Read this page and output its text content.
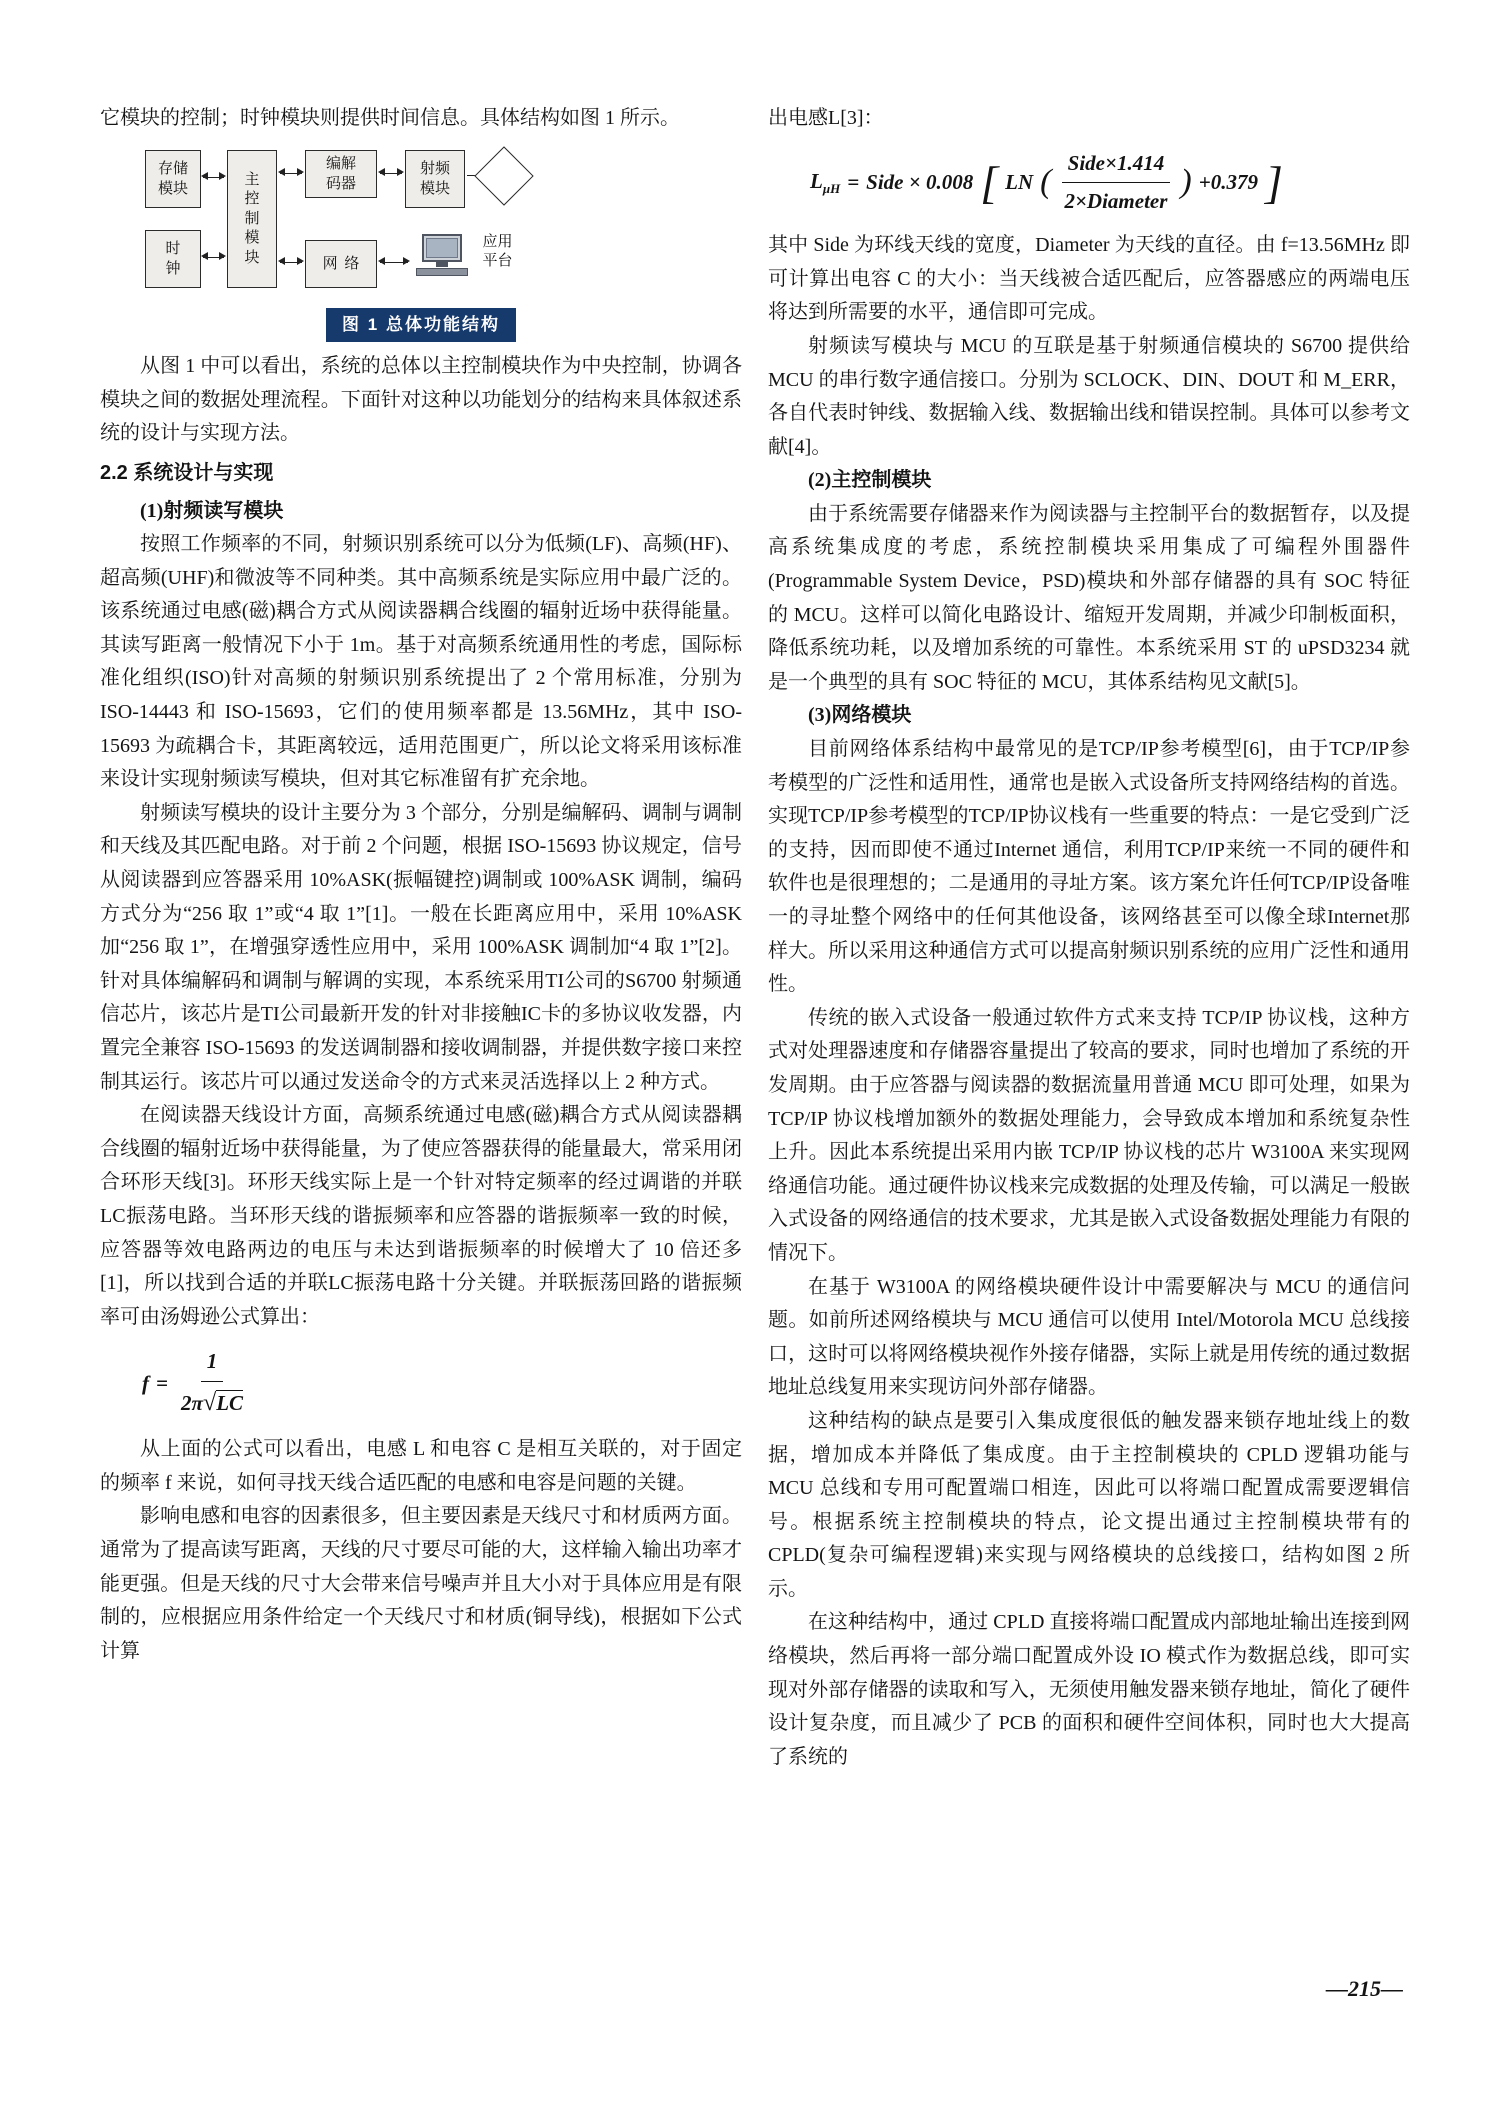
它模块的控制；时钟模块则提供时间信息。具体结构如图 1 所示。

存储模块
时钟
主控制模块
编解码器
网络
射频模块
应用平台
图 1 总体功能结构

从图 1 中可以看出，系统的总体以主控制模块作为中央控制，协调各模块之间的数据处理流程。下面针对这种以功能划分的结构来具体叙述系统的设计与实现方法。

2.2 系统设计与实现

(1)射频读写模块

按照工作频率的不同，射频识别系统可以分为低频(LF)、高频(HF)、超高频(UHF)和微波等不同种类。其中高频系统是实际应用中最广泛的。该系统通过电感(磁)耦合方式从阅读器耦合线圈的辐射近场中获得能量。其读写距离一般情况下小于 1m。基于对高频系统通用性的考虑，国际标准化组织(ISO)针对高频的射频识别系统提出了 2 个常用标准，分别为 ISO-14443 和 ISO-15693，它们的使用频率都是 13.56MHz，其中 ISO-15693 为疏耦合卡，其距离较远，适用范围更广，所以论文将采用该标准来设计实现射频读写模块，但对其它标准留有扩充余地。

射频读写模块的设计主要分为 3 个部分，分别是编解码、调制与调制和天线及其匹配电路。对于前 2 个问题，根据 ISO-15693 协议规定，信号从阅读器到应答器采用 10%ASK(振幅键控)调制或 100%ASK 调制，编码方式分为“256 取 1”或“4 取 1”[1]。一般在长距离应用中，采用 10%ASK 加“256 取 1”，在增强穿透性应用中，采用 100%ASK 调制加“4 取 1”[2]。针对具体编解码和调制与解调的实现，本系统采用TI公司的S6700 射频通信芯片，该芯片是TI公司最新开发的针对非接触IC卡的多协议收发器，内置完全兼容 ISO-15693 的发送调制器和接收调制器，并提供数字接口来控制其运行。该芯片可以通过发送命令的方式来灵活选择以上 2 种方式。

在阅读器天线设计方面，高频系统通过电感(磁)耦合方式从阅读器耦合线圈的辐射近场中获得能量，为了使应答器获得的能量最大，常采用闭合环形天线[3]。环形天线实际上是一个针对特定频率的经过调谐的并联LC振荡电路。当环形天线的谐振频率和应答器的谐振频率一致的时候，应答器等效电路两边的电压与未达到谐振频率的时候增大了 10 倍还多[1]，所以找到合适的并联LC振荡电路十分关键。并联振荡回路的谐振频率可由汤姆逊公式算出：

$f = \frac{1}{2\pi√LC}$

从上面的公式可以看出，电感 L 和电容 C 是相互关联的，对于固定的频率 f 来说，如何寻找天线合适匹配的电感和电容是问题的关键。

影响电感和电容的因素很多，但主要因素是天线尺寸和材质两方面。通常为了提高读写距离，天线的尺寸要尽可能的大，这样输入输出功率才能更强。但是天线的尺寸大会带来信号噪声并且大小对于具体应用是有限制的，应根据应用条件给定一个天线尺寸和材质(铜导线)，根据如下公式计算

出电感L[3]：

$L_{\mu H}$ = Side × 0.008 [ LN ( $\frac{\text{Side×1.414}}{\text{2×Diameter}}$ ) +0.379 ]

其中 Side 为环线天线的宽度，Diameter 为天线的直径。由 f=13.56MHz 即可计算出电容 C 的大小：当天线被合适匹配后，应答器感应的两端电压将达到所需要的水平，通信即可完成。

射频读写模块与 MCU 的互联是基于射频通信模块的 S6700 提供给 MCU 的串行数字通信接口。分别为 SCLOCK、DIN、DOUT 和 M_ERR，各自代表时钟线、数据输入线、数据输出线和错误控制。具体可以参考文献[4]。

(2)主控制模块

由于系统需要存储器来作为阅读器与主控制平台的数据暂存，以及提高系统集成度的考虑，系统控制模块采用集成了可编程外围器件(Programmable System Device，PSD)模块和外部存储器的具有 SOC 特征的 MCU。这样可以简化电路设计、缩短开发周期，并减少印制板面积，降低系统功耗，以及增加系统的可靠性。本系统采用 ST 的 uPSD3234 就是一个典型的具有 SOC 特征的 MCU，其体系结构见文献[5]。

(3)网络模块

目前网络体系结构中最常见的是TCP/IP参考模型[6]，由于TCP/IP参考模型的广泛性和适用性，通常也是嵌入式设备所支持网络结构的首选。实现TCP/IP参考模型的TCP/IP协议栈有一些重要的特点：一是它受到广泛的支持，因而即使不通过Internet 通信，利用TCP/IP来统一不同的硬件和软件也是很理想的；二是通用的寻址方案。该方案允许任何TCP/IP设备唯一的寻址整个网络中的任何其他设备，该网络甚至可以像全球Internet那样大。所以采用这种通信方式可以提高射频识别系统的应用广泛性和通用性。

传统的嵌入式设备一般通过软件方式来支持 TCP/IP 协议栈，这种方式对处理器速度和存储器容量提出了较高的要求，同时也增加了系统的开发周期。由于应答器与阅读器的数据流量用普通 MCU 即可处理，如果为 TCP/IP 协议栈增加额外的数据处理能力，会导致成本增加和系统复杂性上升。因此本系统提出采用内嵌 TCP/IP 协议栈的芯片 W3100A 来实现网络通信功能。通过硬件协议栈来完成数据的处理及传输，可以满足一般嵌入式设备的网络通信的技术要求，尤其是嵌入式设备数据处理能力有限的情况下。

在基于 W3100A 的网络模块硬件设计中需要解决与 MCU 的通信问题。如前所述网络模块与 MCU 通信可以使用 Intel/Motorola MCU 总线接口，这时可以将网络模块视作外接存储器，实际上就是用传统的通过数据地址总线复用来实现访问外部存储器。

这种结构的缺点是要引入集成度很低的触发器来锁存地址线上的数据，增加成本并降低了集成度。由于主控制模块的 CPLD 逻辑功能与 MCU 总线和专用可配置端口相连，因此可以将端口配置成需要逻辑信号。根据系统主控制模块的特点，论文提出通过主控制模块带有的 CPLD(复杂可编程逻辑)来实现与网络模块的总线接口，结构如图 2 所示。

在这种结构中，通过 CPLD 直接将端口配置成内部地址输出连接到网络模块，然后再将一部分端口配置成外设 IO 模式作为数据总线，即可实现对外部存储器的读取和写入，无须使用触发器来锁存地址，简化了硬件设计复杂度，而且减少了 PCB 的面积和硬件空间体积，同时也大大提高了系统的

—215—
